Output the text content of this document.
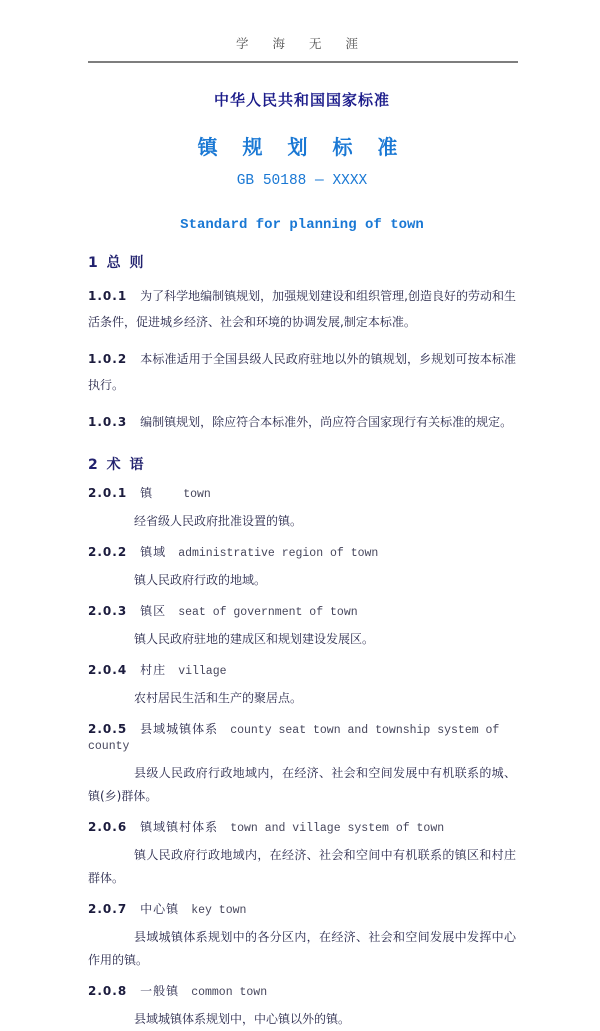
学 海 无 涯
中华人民共和国国家标准
镇 规 划 标 准
GB 50188 — XXXX
Standard for planning of town
1 总 则

1.0.1 为了科学地编制镇规划，加强规划建设和组织管理,创造良好的劳动和生活条件，促进城乡经济、社会和环境的协调发展,制定本标准。

1.0.2 本标准适用于全国县级人民政府驻地以外的镇规划，乡规划可按本标准执行。

1.0.3 编制镇规划，除应符合本标准外，尚应符合国家现行有关标准的规定。

2 术 语

2.0.1 镇	town

经省级人民政府批准设置的镇。

2.0.2 镇域 administrative region of town

镇人民政府行政的地域。

2.0.3 镇区 seat of government of town

镇人民政府驻地的建成区和规划建设发展区。

2.0.4 村庄 village

农村居民生活和生产的聚居点。

2.0.5 县域城镇体系 county seat town and township system of county

县级人民政府行政地域内，在经济、社会和空间发展中有机联系的城、镇(乡)群体。

2.0.6 镇域镇村体系 town and village system of town

镇人民政府行政地域内，在经济、社会和空间中有机联系的镇区和村庄群体。

2.0.7 中心镇 key town

县域城镇体系规划中的各分区内，在经济、社会和空间发展中发挥中心作用的镇。

2.0.8 一般镇 common town

县域城镇体系规划中，中心镇以外的镇。
